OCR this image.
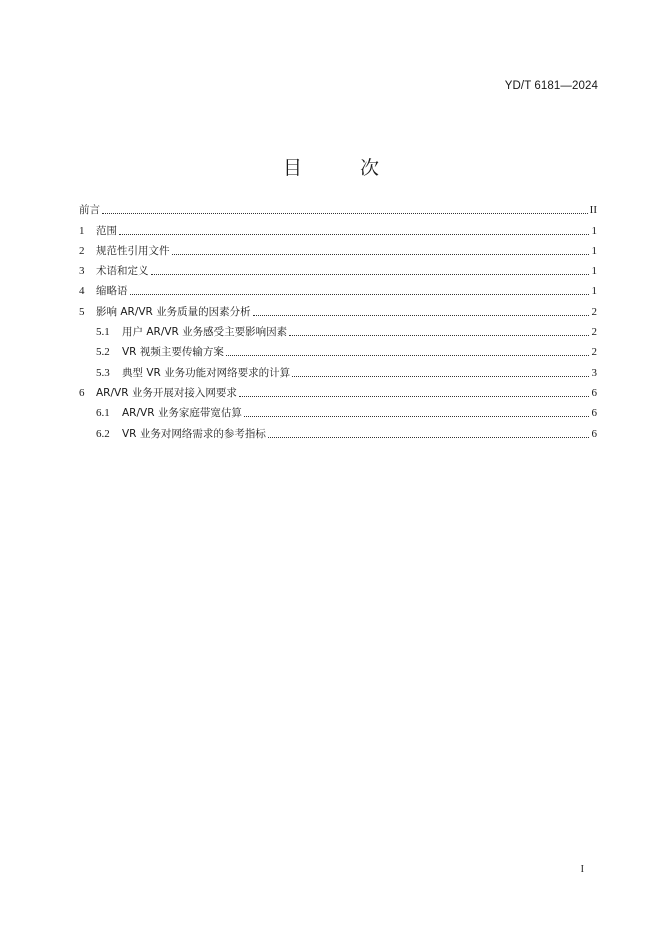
YD/T 6181—2024
目 次
前言	II
1	范围	1
2	规范性引用文件	1
3	术语和定义	1
4	缩略语	1
5	影响 AR/VR 业务质量的因素分析	2
5.1	用户 AR/VR 业务感受主要影响因素	2
5.2	VR 视频主要传输方案	2
5.3	典型 VR 业务功能对网络要求的计算	3
6	AR/VR 业务开展对接入网要求	6
6.1	AR/VR 业务家庭带宽估算	6
6.2	VR 业务对网络需求的参考指标	6
I
